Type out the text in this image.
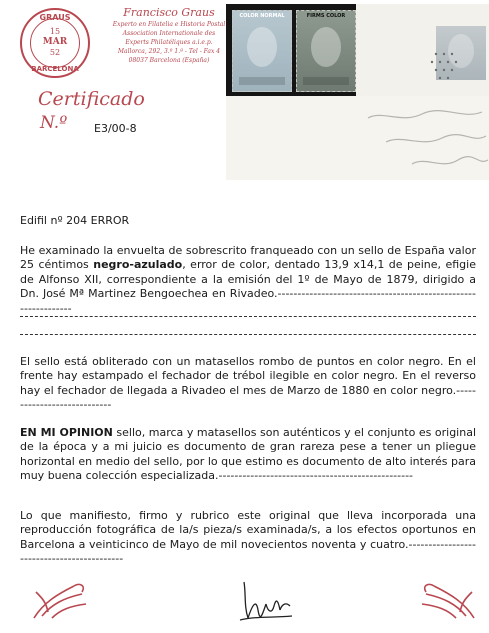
GRAUS
15
MAR
52
BARCELONA
Francisco Graus
Experto en Filatelia e Historia Postal
Association Internationale des
Experts Philatéliques a.i.e.p.
Mallorca, 292, 3.º 1.ª - Tel - Fax 4
08037 Barcelona (España)
Certificado
N.º E3/00-8
COLOR NORMAL	FIRMS COLOR
Edifil nº 204 ERROR
He examinado la envuelta de sobrescrito franqueado con un sello de España valor 25 céntimos negro-azulado, error de color, dentado 13,9 x14,1 de peine, efigie de Alfonso XII, correspondiente a la emisión del 1º de Mayo de 1879, dirigido a Dn. José Mª Martinez Bengoechea en Rivadeo.---------------------------------------------------------------
El sello está obliterado con un matasellos rombo de puntos en color negro. En el frente hay estampado el fechador de trébol ilegible en color negro. En el reverso hay el fechador de llegada a Rivadeo el mes de Marzo de 1880 en color negro.----------------------------
EN MI OPINION sello, marca y matasellos son auténticos y el conjunto es original de la época y a mi juicio es documento de gran rareza pese a tener un pliegue horizontal en medio del sello, por lo que estimo es documento de alto interés para muy buena colección especializada.-------------------------------------------------
Lo que manifiesto, firmo y rubrico este original que lleva incorporada una reproducción fotográfica de la/s pieza/s examinada/s, a los efectos oportunos en Barcelona a veinticinco de Mayo de mil novecientos noventa y cuatro.-------------------------------------------
